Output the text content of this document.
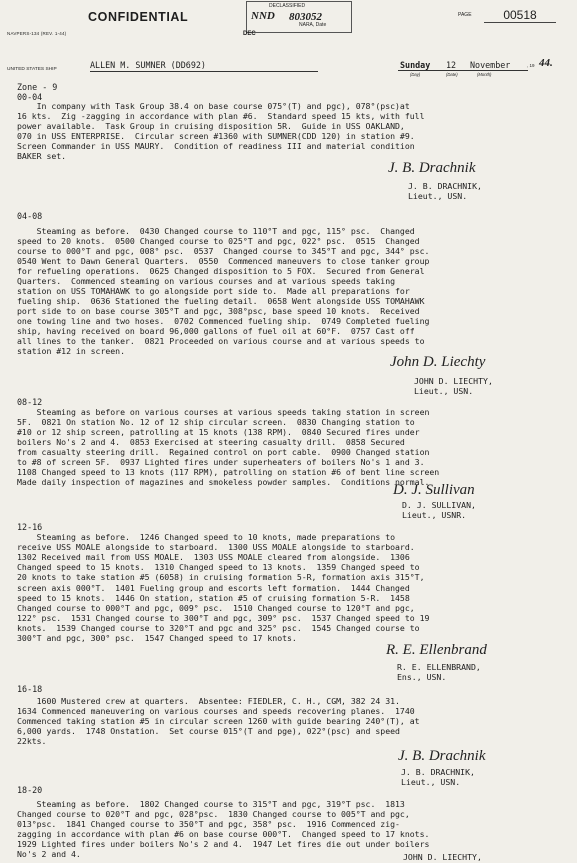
CONFIDENTIAL
NAVPERS-134 (REV. 1-44)
DECLASSIFIED
NND 803052
NARA, Date
DEC
PAGE	00518
UNITED STATES SHIP	ALLEN M. SUMNER (DD692)	Sunday 12 November	, 19 44.
(Day)	(Date)	(Month)
Zone - 9
00-04
In company with Task Group 38.4 on base course 075°(T) and pgc), 078°(psc)at
16 kts.  Zig -zagging in accordance with plan #6.  Standard speed 15 kts, with full
power available.  Task Group in cruising disposition 5R.  Guide in USS OAKLAND,
070 in USS ENTERPRISE.  Circular screen #1360 with SUMNER(CDD 120) in station #9.
Screen Commander in USS MAURY.  Condition of readiness III and material condition
BAKER set.
J. B. Drachnik
J. B. DRACHNIK,
Lieut., USN.
04-08
Steaming as before.  0430 Changed course to 110°T and pgc, 115° psc.  Changed
speed to 20 knots.  0500 Changed course to 025°T and pgc, 022° psc.  0515  Changed
course to 000°T and pgc, 008° psc.  0537  Changed course to 345°T and pgc, 344° psc.
0540 Went to Dawn General Quarters.  0550  Commenced maneuvers to close tanker group
for refueling operations.  0625 Changed disposition to 5 FOX.  Secured from General
Quarters.  Commenced steaming on various courses and at various speeds taking
station on USS TOMAHAWK to go alongside port side to.  Made all preparations for
fueling ship.  0636 Stationed the fueling detail.  0658 Went alongside USS TOMAHAWK
port side to on base course 305°T and pgc, 308°psc, base speed 10 knots.  Received
one towing line and two hoses.  0702 Commenced fueling ship.  0749 Completed fueling
ship, having received on board 96,000 gallons of fuel oil at 60°F.  0757 Cast off
all lines to the tanker.  0821 Proceeded on various course and at various speeds to
station #12 in screen.
John D. Liechty
JOHN D. LIECHTY,
Lieut., USN.
08-12
Steaming as before on various courses at various speeds taking station in screen
5F.  0821 On station No. 12 of 12 ship circular screen.  0830 Changing station to
#10 or 12 ship screen, patrolling at 15 knots (138 RPM).  0840 Secured fires under
boilers No's 2 and 4.  0853 Exercised at steering casualty drill.  0858 Secured
from casualty steering drill.  Regained control on port cable.  0900 Changed station
to #8 of screen 5F.  0937 Lighted fires under superheaters of boilers No's 1 and 3.
1108 Changed speed to 13 knots (117 RPM), patrolling on station #6 of bent line screen
Made daily inspection of magazines and smokeless powder samples.  Conditions normal.
D. J. Sullivan
D. J. SULLIVAN,
Lieut., USNR.
12-16
Steaming as before.  1246 Changed speed to 10 knots, made preparations to
receive USS MOALE alongside to starboard.  1300 USS MOALE alongside to starboard.
1302 Received mail from USS MOALE.  1303 USS MOALE cleared from alongside.  1306
Changed speed to 15 knots.  1310 Changed speed to 13 knots.  1359 Changed speed to
20 knots to take station #5 (6058) in cruising formation 5-R, formation axis 315°T,
screen axis 000°T.  1401 Fueling group and escorts left formation.  1444 Changed
speed to 15 knots.  1446 On station, station #5 of cruising formation 5-R.  1458
Changed course to 000°T and pgc, 009° psc.  1510 Changed course to 120°T and pgc,
122° psc.  1531 Changed course to 300°T and pgc, 309° psc.  1537 Changed speed to 19
knots.  1539 Changed course to 320°T and pgc and 325° psc.  1545 Changed course to
300°T and pgc, 300° psc.  1547 Changed speed to 17 knots.
R. E. Ellenbrand
R. E. ELLENBRAND,
Ens., USN.
16-18
1600 Mustered crew at quarters.  Absentee: FIEDLER, C. H., CGM, 382 24 31.
1634 Commenced maneuvering on various courses and speeds recovering planes.  1740
Commenced taking station #5 in circular screen 1260 with guide bearing 240°(T), at
6,000 yards.  1748 Onstation.  Set course 015°(T and pge), 022°(psc) and speed
22kts.
J. B. Drachnik
J. B. DRACHNIK,
Lieut., USN.
18-20
Steaming as before.  1802 Changed course to 315°T and pgc, 319°T psc.  1813
Changed course to 020°T and pgc, 028°psc.  1830 Changed course to 005°T and pgc,
013°psc.  1841 Changed course to 350°T and pgc, 358° psc.  1916 Commenced zig-
zagging in accordance with plan #6 on base course 000°T.  Changed speed to 17 knots.
1929 Lighted fires under boilers No's 2 and 4.  1947 Let fires die out under boilers
No's 2 and 4.	JOHN D. LIECHTY,
